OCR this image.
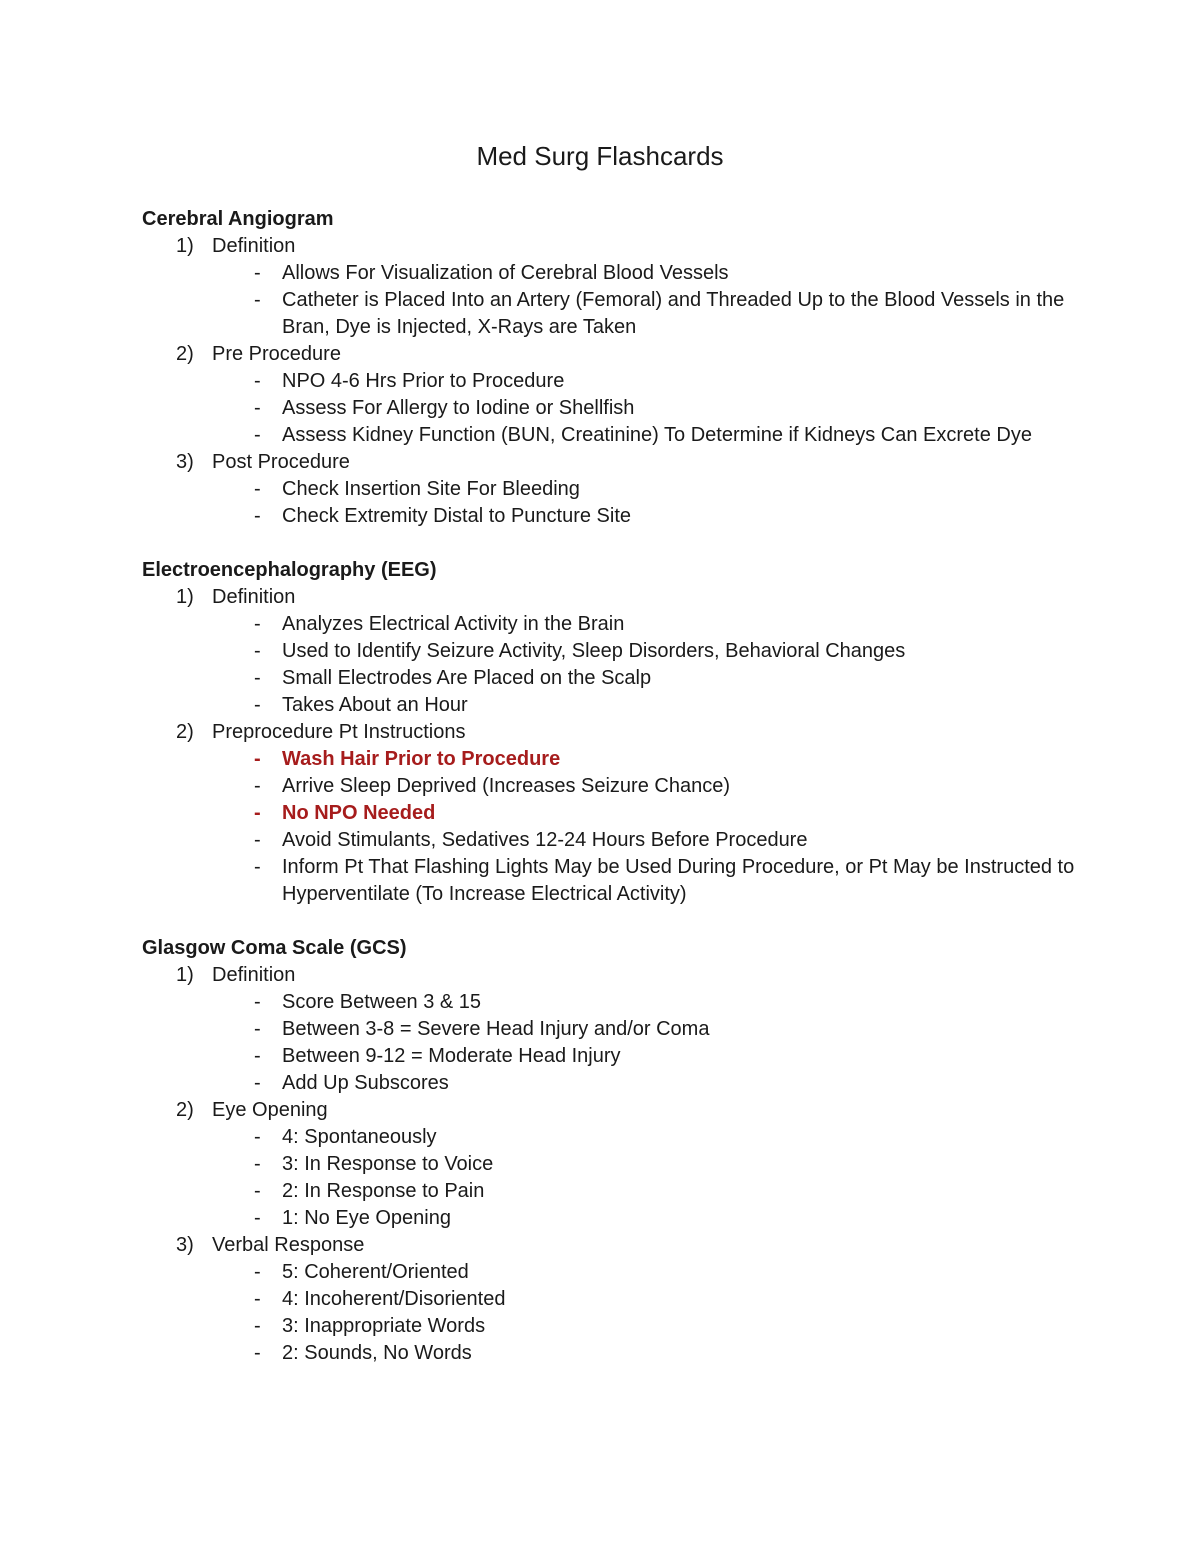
Med Surg Flashcards
Cerebral Angiogram
1) Definition
-	Allows For Visualization of Cerebral Blood Vessels
-	Catheter is Placed Into an Artery (Femoral) and Threaded Up to the Blood Vessels in the Bran, Dye is Injected, X-Rays are Taken
2) Pre Procedure
-	NPO 4-6 Hrs Prior to Procedure
-	Assess For Allergy to Iodine or Shellfish
-	Assess Kidney Function (BUN, Creatinine) To Determine if Kidneys Can Excrete Dye
3) Post Procedure
-	Check Insertion Site For Bleeding
-	Check Extremity Distal to Puncture Site
Electroencephalography (EEG)
1) Definition
-	Analyzes Electrical Activity in the Brain
-	Used to Identify Seizure Activity, Sleep Disorders, Behavioral Changes
-	Small Electrodes Are Placed on the Scalp
-	Takes About an Hour
2) Preprocedure Pt Instructions
-	Wash Hair Prior to Procedure
-	Arrive Sleep Deprived (Increases Seizure Chance)
-	No NPO Needed
-	Avoid Stimulants, Sedatives 12-24 Hours Before Procedure
-	Inform Pt That Flashing Lights May be Used During Procedure, or Pt May be Instructed to Hyperventilate (To Increase Electrical Activity)
Glasgow Coma Scale (GCS)
1) Definition
-	Score Between 3 & 15
-	Between 3-8 = Severe Head Injury and/or Coma
-	Between 9-12 = Moderate Head Injury
-	Add Up Subscores
2) Eye Opening
-	4: Spontaneously
-	3: In Response to Voice
-	2: In Response to Pain
-	1: No Eye Opening
3) Verbal Response
-	5: Coherent/Oriented
-	4: Incoherent/Disoriented
-	3: Inappropriate Words
-	2: Sounds, No Words
